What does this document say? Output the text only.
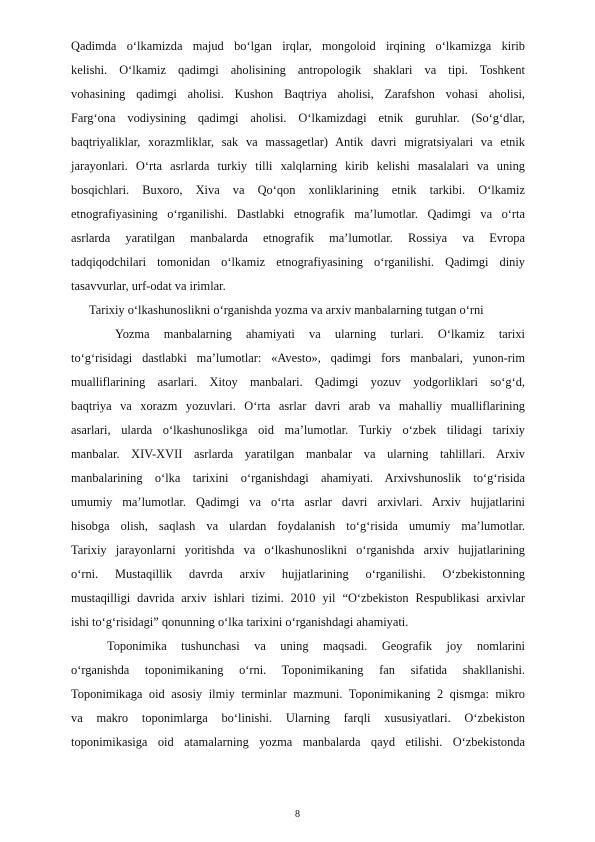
Qadimda o‘lkamizda majud bo‘lgan irqlar, mongoloid irqining o‘lkamizga kirib
kelishi. O‘lkamiz qadimgi aholisining antropologik shaklari va tipi. Toshkent
vohasining qadimgi aholisi. Kushon Baqtriya aholisi, Zarafshon vohasi aholisi,
Farg‘ona vodiysining qadimgi aholisi. O‘lkamizdagi etnik guruhlar. (So‘g‘dlar,
baqtriyaliklar, xorazmliklar, sak va massagetlar) Antik davri migratsiyalari va etnik
jarayonlari. O‘rta asrlarda turkiy tilli xalqlarning kirib kelishi masalalari va uning
bosqichlari. Buxoro, Xiva va Qo‘qon xonliklarining etnik tarkibi. O‘lkamiz
etnografiyasining o‘rganilishi. Dastlabki etnografik ma’lumotlar. Qadimgi va o‘rta
asrlarda yaratilgan manbalarda etnografik ma’lumotlar. Rossiya va Evropa
tadqiqodchilari tomonidan o‘lkamiz etnografiyasining o‘rganilishi. Qadimgi diniy
tasavvurlar, urf-odat va irimlar.
Tarixiy o‘lkashunoslikni o‘rganishda yozma va arxiv manbalarning tutgan o‘rni
Yozma manbalarning ahamiyati va ularning turlari. O‘lkamiz tarixi
to‘g‘risidagi dastlabki ma’lumotlar: «Avesto», qadimgi fors manbalari, yunon-rim
mualliflarining asarlari. Xitoy manbalari. Qadimgi yozuv yodgorliklari so‘g‘d,
baqtriya va xorazm yozuvlari. O‘rta asrlar davri arab va mahalliy mualliflarining
asarlari, ularda o‘lkashunoslikga oid ma’lumotlar. Turkiy o‘zbek tilidagi tarixiy
manbalar. XIV-XVII asrlarda yaratilgan manbalar va ularning tahlillari. Arxiv
manbalarining o‘lka tarixini o‘rganishdagi ahamiyati. Arxivshunoslik to‘g‘risida
umumiy ma’lumotlar. Qadimgi va o‘rta asrlar davri arxivlari. Arxiv hujjatlarini
hisobga olish, saqlash va ulardan foydalanish to‘g‘risida umumiy ma’lumotlar.
Tarixiy jarayonlarni yoritishda va o‘lkashunoslikni o‘rganishda arxiv hujjatlarining
o‘rni. Mustaqillik davrda arxiv hujjatlarining o‘rganilishi. O‘zbekistonning
mustaqilligi davrida arxiv ishlari tizimi. 2010 yil “O‘zbekiston Respublikasi arxivlar
ishi to‘g‘risidagi” qonunning o‘lka tarixini o‘rganishdagi ahamiyati.
Toponimika tushunchasi va uning maqsadi. Geografik joy nomlarini
o‘rganishda toponimikaning o‘rni. Toponimikaning fan sifatida shakllanishi.
Toponimikaga oid asosiy ilmiy terminlar mazmuni. Toponimikaning 2 qismga: mikro
va makro toponimlarga bo‘linishi. Ularning farqli xususiyatlari. O‘zbekiston
toponimikasiga oid atamalarning yozma manbalarda qayd etilishi. O‘zbekistonda
8
